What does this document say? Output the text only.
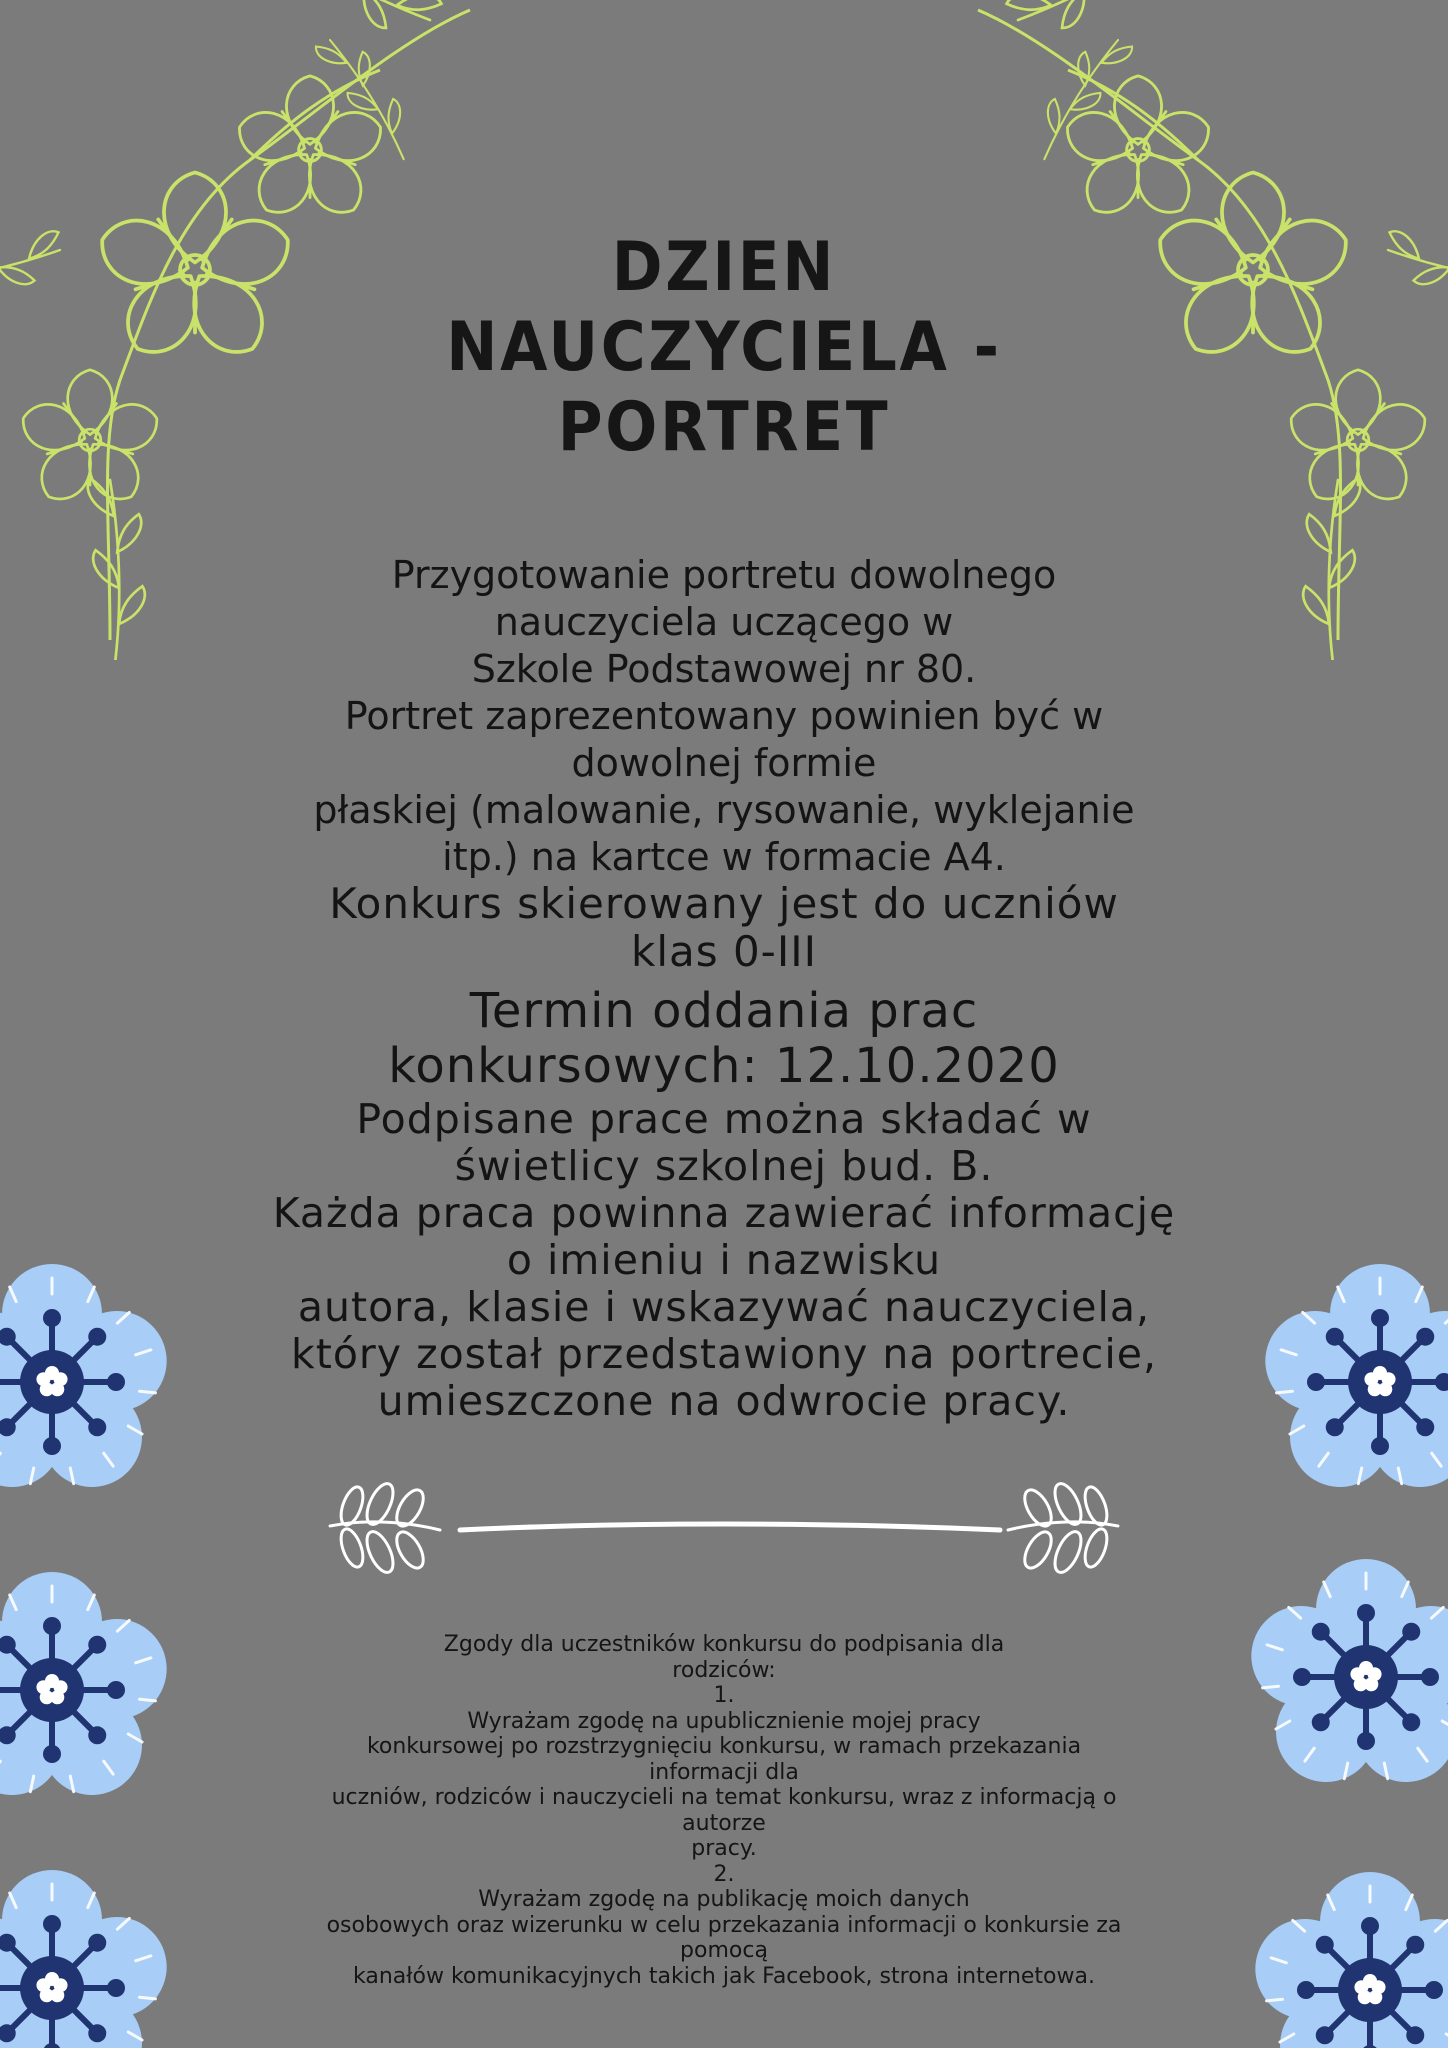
DZIEN
NAUCZYCIELA -
PORTRET
Przygotowanie portretu dowolnego
nauczyciela uczącego w
Szkole Podstawowej nr 80.
Portret zaprezentowany powinien być w
dowolnej formie
płaskiej (malowanie, rysowanie, wyklejanie
itp.) na kartce w formacie A4.
Konkurs skierowany jest do uczniów
klas 0-III
Termin oddania prac
konkursowych: 12.10.2020
Podpisane prace można składać w
świetlicy szkolnej bud. B.
Każda praca powinna zawierać informację
o imieniu i nazwisku
autora, klasie i wskazywać nauczyciela,
który został przedstawiony na portrecie,
umieszczone na odwrocie pracy.
Zgody dla uczestników konkursu do podpisania dla
rodziców:
1.
Wyrażam zgodę na upublicznienie mojej pracy
konkursowej po rozstrzygnięciu konkursu, w ramach przekazania
informacji dla
uczniów, rodziców i nauczycieli na temat konkursu, wraz z informacją o
autorze
pracy.
2.
Wyrażam zgodę na publikację moich danych
osobowych oraz wizerunku w celu przekazania informacji o konkursie za
pomocą
kanałów komunikacyjnych takich jak Facebook, strona internetowa.
